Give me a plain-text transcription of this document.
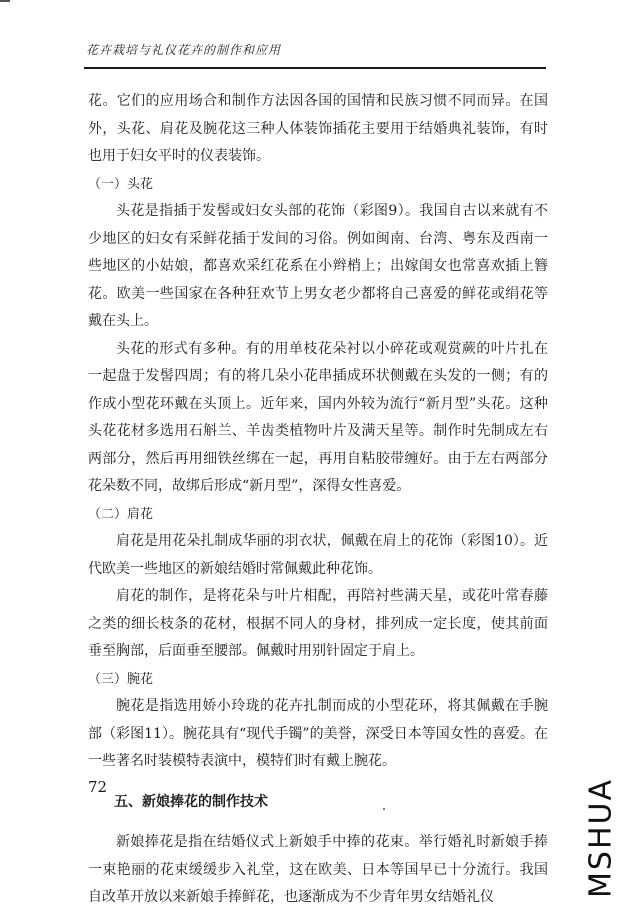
花卉栽培与礼仪花卉的制作和应用

花。它们的应用场合和制作方法因各国的国情和民族习惯不同而异。在国外，头花、肩花及腕花这三种人体装饰插花主要用于结婚典礼装饰，有时也用于妇女平时的仪表装饰。

（一）头花

头花是指插于发髻或妇女头部的花饰（彩图9）。我国自古以来就有不少地区的妇女有采鲜花插于发间的习俗。例如闽南、台湾、粤东及西南一些地区的小姑娘，都喜欢采红花系在小辫梢上；出嫁闺女也常喜欢插上簪花。欧美一些国家在各种狂欢节上男女老少都将自己喜爱的鲜花或绢花等戴在头上。

头花的形式有多种。有的用单枝花朵衬以小碎花或观赏蕨的叶片扎在一起盘于发髻四周；有的将几朵小花串插成环状侧戴在头发的一侧；有的作成小型花环戴在头顶上。近年来，国内外较为流行“新月型”头花。这种头花花材多选用石斛兰、羊齿类植物叶片及满天星等。制作时先制成左右两部分，然后再用细铁丝绑在一起，再用自粘胶带缠好。由于左右两部分花朵数不同，故绑后形成“新月型”，深得女性喜爱。

（二）肩花

肩花是用花朵扎制成华丽的羽衣状，佩戴在肩上的花饰（彩图10）。近代欧美一些地区的新娘结婚时常佩戴此种花饰。

肩花的制作，是将花朵与叶片相配，再陪衬些满天星，或花叶常春藤之类的细长枝条的花材，根据不同人的身材，排列成一定长度，使其前面垂至胸部，后面垂至腰部。佩戴时用别针固定于肩上。

（三）腕花

腕花是指选用娇小玲珑的花卉扎制而成的小型花环，将其佩戴在手腕部（彩图11）。腕花具有“现代手镯”的美誉，深受日本等国女性的喜爱。在一些著名时装模特表演中，模特们时有戴上腕花。

五、新娘捧花的制作技术

新娘捧花是指在结婚仪式上新娘手中捧的花束。举行婚礼时新娘手捧一束艳丽的花束缓缓步入礼堂，这在欧美、日本等国早已十分流行。我国自改革开放以来新娘手捧鲜花，也逐渐成为不少青年男女结婚礼仪

72	MSHUA
